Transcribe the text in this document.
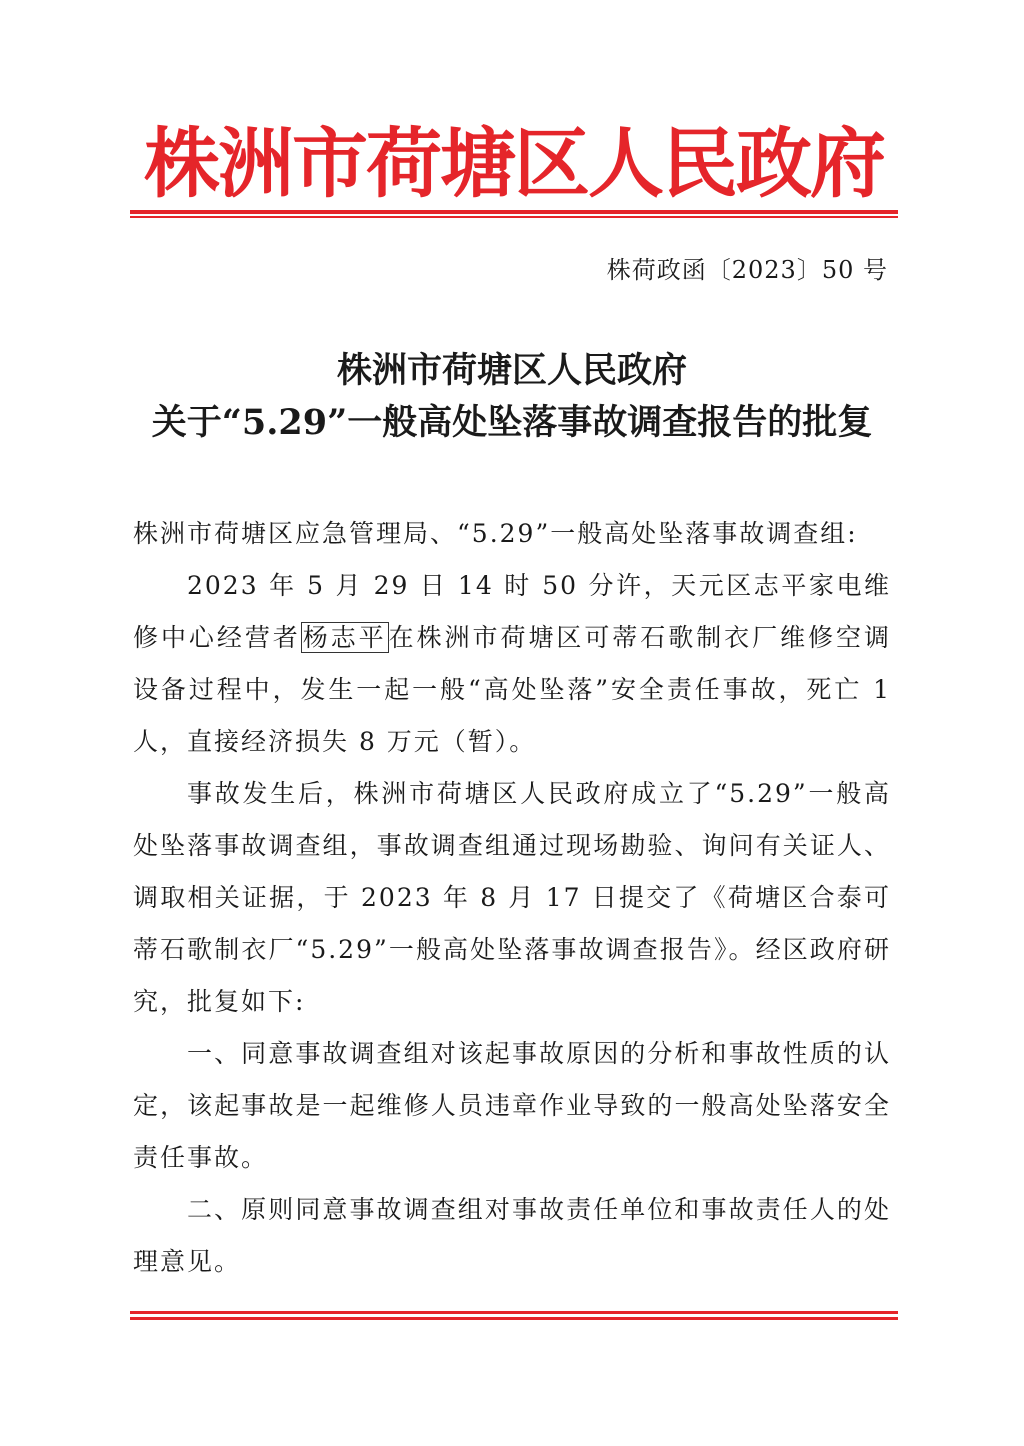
株洲市荷塘区人民政府
株荷政函〔2023〕50 号
株洲市荷塘区人民政府
关于“5.29”一般高处坠落事故调查报告的批复

株洲市荷塘区应急管理局、“5.29”一般高处坠落事故调查组:

2023 年 5 月 29 日 14 时 50 分许，天元区志平家电维修中心经营者杨志平在株洲市荷塘区可蒂石歌制衣厂维修空调设备过程中，发生一起一般“高处坠落”安全责任事故，死亡 1 人，直接经济损失 8 万元（暂）。

事故发生后，株洲市荷塘区人民政府成立了“5.29”一般高处坠落事故调查组，事故调查组通过现场勘验、询问有关证人、调取相关证据，于 2023 年 8 月 17 日提交了《荷塘区合泰可蒂石歌制衣厂“5.29”一般高处坠落事故调查报告》。经区政府研究，批复如下:

一、同意事故调查组对该起事故原因的分析和事故性质的认定，该起事故是一起维修人员违章作业导致的一般高处坠落安全责任事故。

二、原则同意事故调查组对事故责任单位和事故责任人的处理意见。
